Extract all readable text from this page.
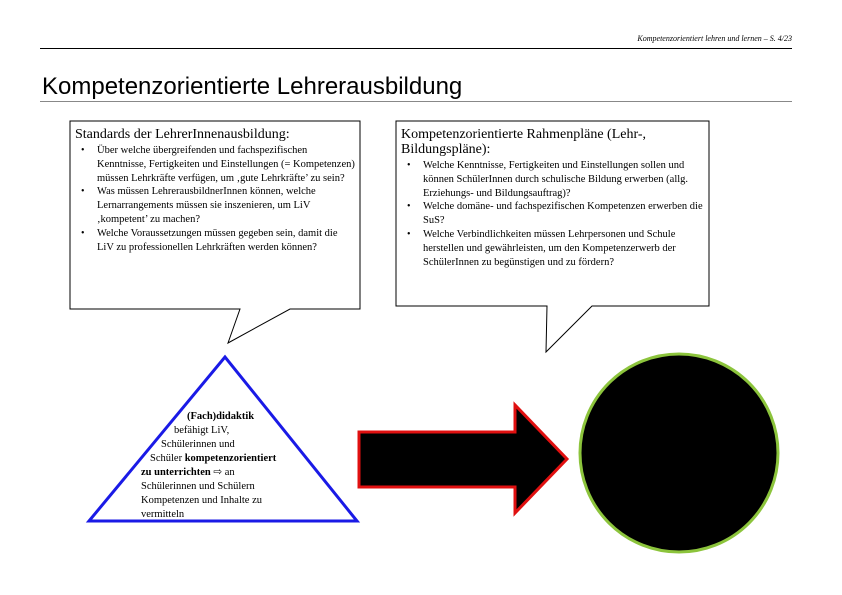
Kompetenzorientiert lehren und lernen – S. 4/23
Kompetenzorientierte Lehrerausbildung
Standards der LehrerInnenausbildung:
• Über welche übergreifenden und fachspezifischen Kenntnisse, Fertigkeiten und Einstellungen (= Kompetenzen) müssen Lehrkräfte verfügen, um ‚gute Lehrkräfte’ zu sein?
• Was müssen LehrerausbildnerInnen können, welche Lernarrangements müssen sie inszenieren, um LiV ‚kompetent’ zu machen?
• Welche Voraussetzungen müssen gegeben sein, damit die LiV zu professionellen Lehrkräften werden können?
Kompetenzorientierte Rahmenpläne (Lehr-, Bildungspläne):
• Welche Kenntnisse, Fertigkeiten und Einstellungen sollen und können SchülerInnen durch schulische Bildung erwerben (allg. Erziehungs- und Bildungsauftrag)?
• Welche domäne- und fachspezifischen Kompetenzen erwerben die SuS?
• Welche Verbindlichkeiten müssen Lehrpersonen und Schule herstellen und gewährleisten, um den Kompetenzerwerb der SchülerInnen zu begünstigen und zu fördern?
(Fach)didaktik
befähigt LiV,
Schülerinnen und
Schüler kompetenzorientiert
zu unterrichten ⇨ an
Schülerinnen und Schülern
Kompetenzen und Inhalte zu
vermitteln
